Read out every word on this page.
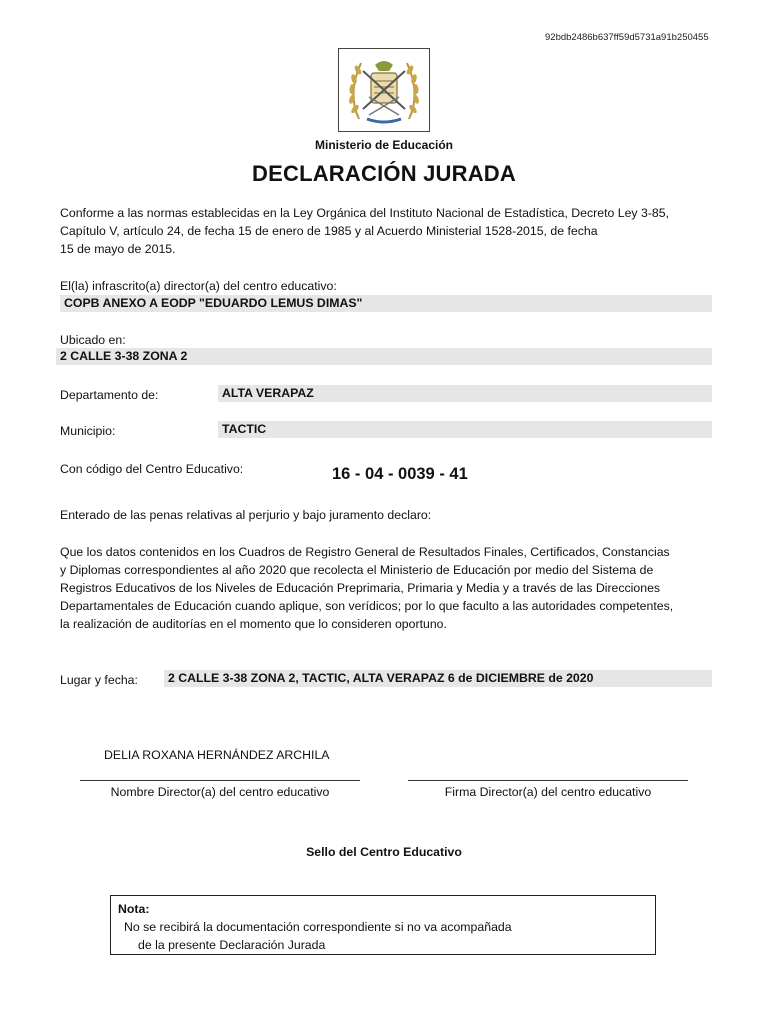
92bdb2486b637ff59d5731a91b250455
Ministerio de Educación
DECLARACIÓN JURADA
Conforme a las normas establecidas en la Ley Orgánica del Instituto Nacional de Estadística, Decreto Ley 3-85,
Capítulo V, artículo 24, de fecha 15 de enero de 1985 y al Acuerdo Ministerial 1528-2015, de fecha
15 de mayo de 2015.
El(la) infrascrito(a) director(a) del centro educativo:
COPB ANEXO A EODP "EDUARDO LEMUS DIMAS"
Ubicado en:
2 CALLE 3-38 ZONA 2
Departamento de:	ALTA VERAPAZ
Municipio:	TACTIC
Con código del Centro Educativo:	16 - 04 - 0039 - 41
Enterado de las penas relativas al perjurio y bajo juramento declaro:
Que los datos contenidos en los Cuadros de Registro General de Resultados Finales, Certificados, Constancias
y Diplomas correspondientes al año 2020 que recolecta el Ministerio de Educación por medio del Sistema de
Registros Educativos de los Niveles de Educación Preprimaria, Primaria y Media y a través de las Direcciones
Departamentales de Educación cuando aplique, son verídicos; por lo que faculto a las autoridades competentes,
la realización de auditorías en el momento que lo consideren oportuno.
Lugar y fecha:	2 CALLE 3-38 ZONA 2, TACTIC, ALTA VERAPAZ 6 de DICIEMBRE de 2020
DELIA ROXANA HERNÁNDEZ ARCHILA
Nombre Director(a) del centro educativo	Firma Director(a) del centro educativo
Sello del Centro Educativo
Nota:
No se recibirá la documentación correspondiente si no va acompañada
de la presente Declaración Jurada
